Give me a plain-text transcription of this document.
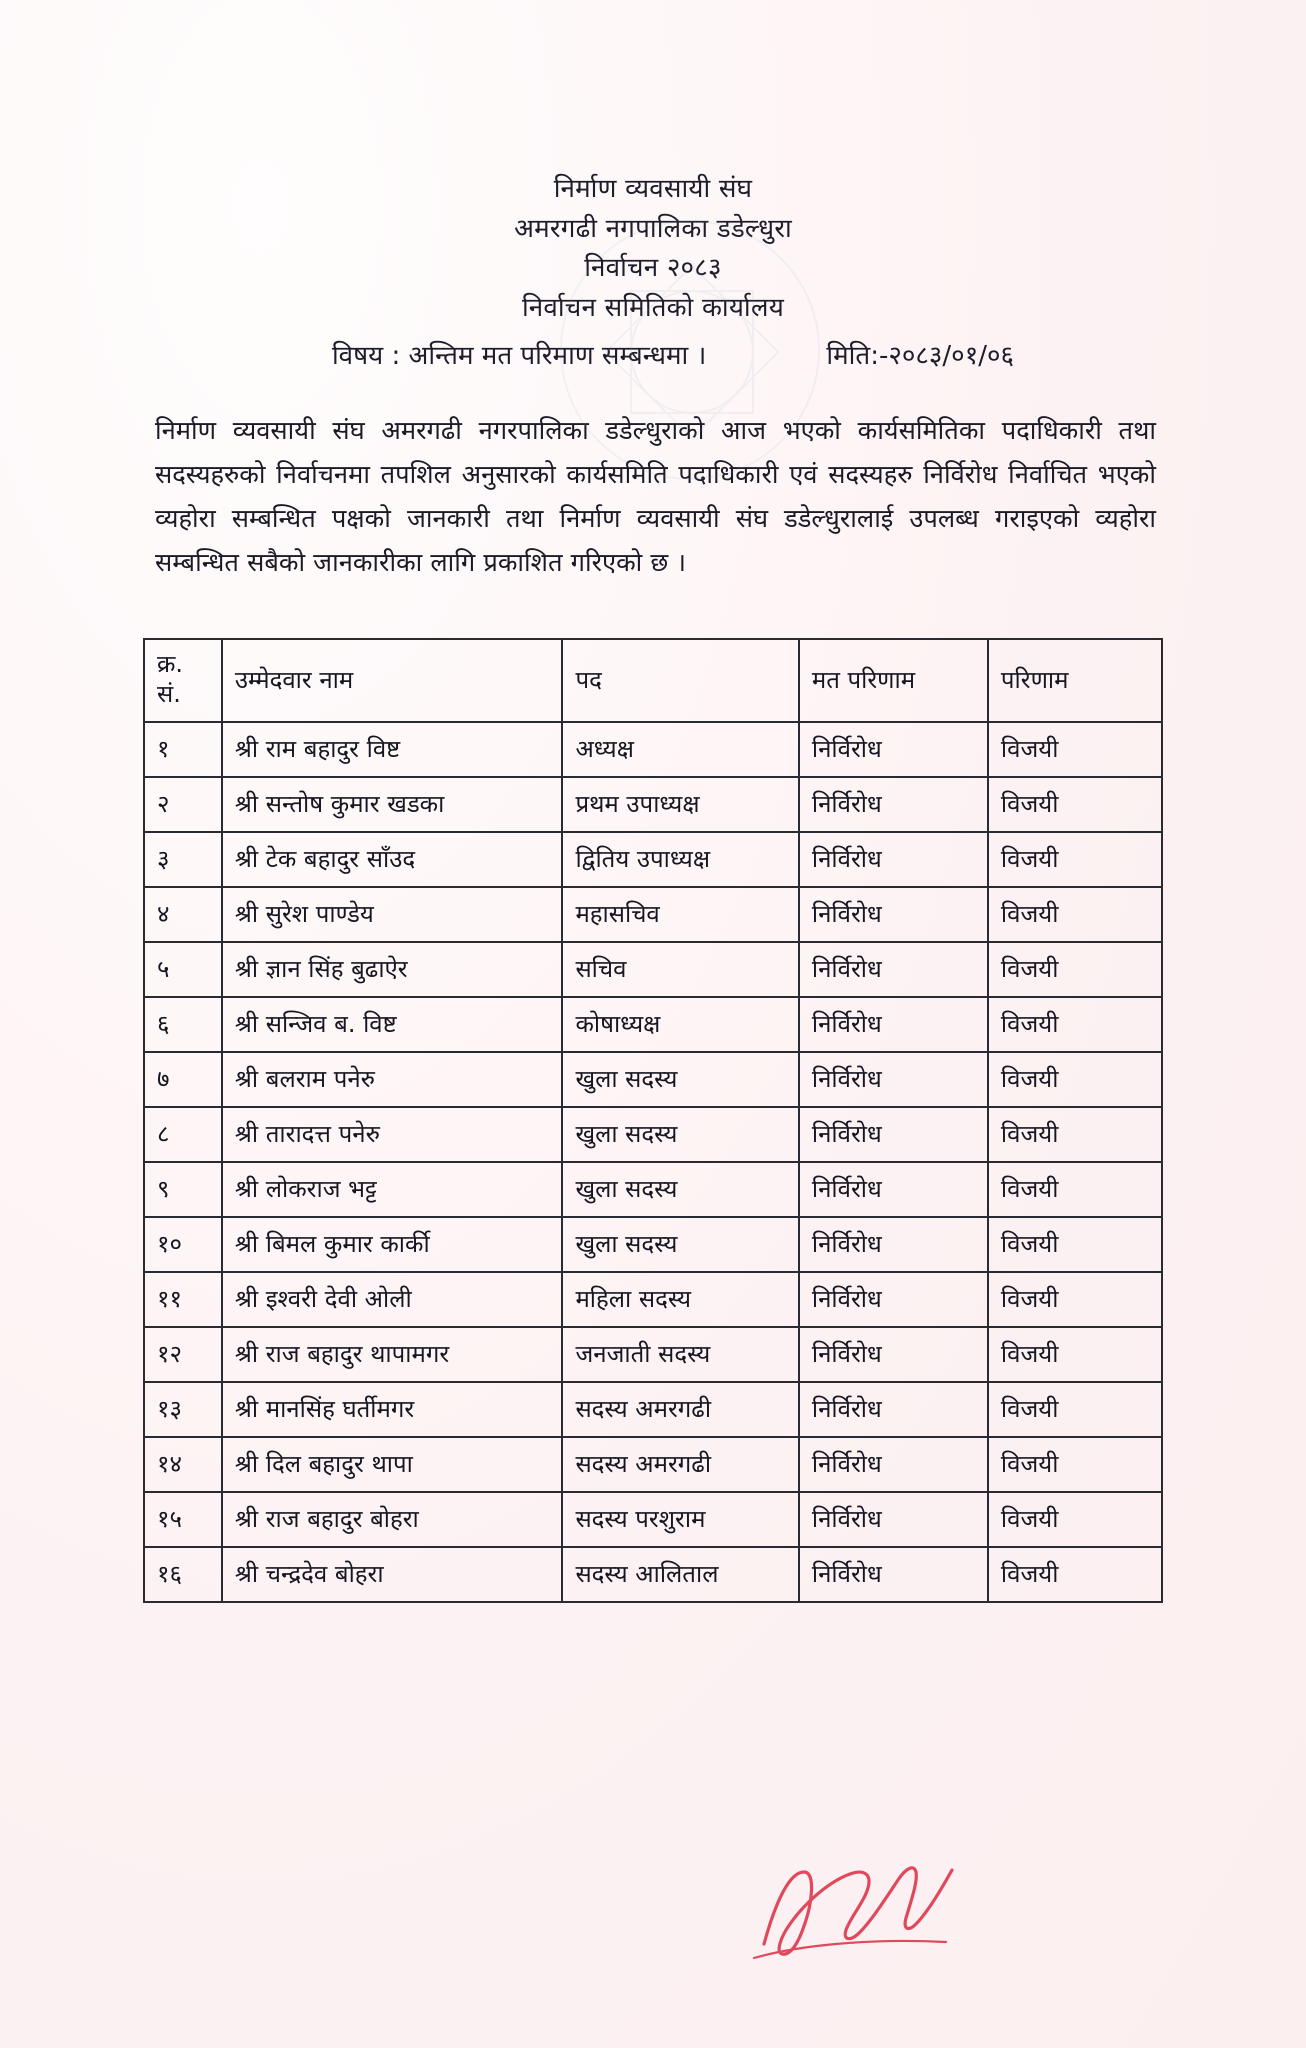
निर्माण व्यवसायी संघ
अमरगढी नगपालिका डडेल्धुरा
निर्वाचन २०८३
निर्वाचन समितिको कार्यालय
विषय : अन्तिम मत परिमाण सम्बन्धमा ।	मिति:-२०८३/०१/०६

निर्माण व्यवसायी संघ अमरगढी नगरपालिका डडेल्धुराको आज भएको कार्यसमितिका पदाधिकारी तथा सदस्यहरुको निर्वाचनमा तपशिल अनुसारको कार्यसमिति पदाधिकारी एवं सदस्यहरु निर्विरोध निर्वाचित भएको व्यहोरा सम्बन्धित पक्षको जानकारी तथा निर्माण व्यवसायी संघ डडेल्धुरालाई उपलब्ध गराइएको व्यहोरा सम्बन्धित सबैको जानकारीका लागि प्रकाशित गरिएको छ ।

क्र.
सं.	उम्मेदवार नाम	पद	मत परिणाम	परिणाम
१	श्री राम बहादुर विष्ट	अध्यक्ष	निर्विरोध	विजयी
२	श्री सन्तोष कुमार खडका	प्रथम उपाध्यक्ष	निर्विरोध	विजयी
३	श्री टेक बहादुर साँउद	द्वितिय उपाध्यक्ष	निर्विरोध	विजयी
४	श्री सुरेश पाण्डेय	महासचिव	निर्विरोध	विजयी
५	श्री ज्ञान सिंह बुढाऐर	सचिव	निर्विरोध	विजयी
६	श्री सन्जिव ब. विष्ट	कोषाध्यक्ष	निर्विरोध	विजयी
७	श्री बलराम पनेरु	खुला सदस्य	निर्विरोध	विजयी
८	श्री तारादत्त पनेरु	खुला सदस्य	निर्विरोध	विजयी
९	श्री लोकराज भट्ट	खुला सदस्य	निर्विरोध	विजयी
१०	श्री बिमल कुमार कार्की	खुला सदस्य	निर्विरोध	विजयी
११	श्री इश्वरी देवी ओली	महिला सदस्य	निर्विरोध	विजयी
१२	श्री राज बहादुर थापामगर	जनजाती सदस्य	निर्विरोध	विजयी
१३	श्री मानसिंह घर्तीमगर	सदस्य अमरगढी	निर्विरोध	विजयी
१४	श्री दिल बहादुर थापा	सदस्य अमरगढी	निर्विरोध	विजयी
१५	श्री राज बहादुर बोहरा	सदस्य परशुराम	निर्विरोध	विजयी
१६	श्री चन्द्रदेव बोहरा	सदस्य आलिताल	निर्विरोध	विजयी
